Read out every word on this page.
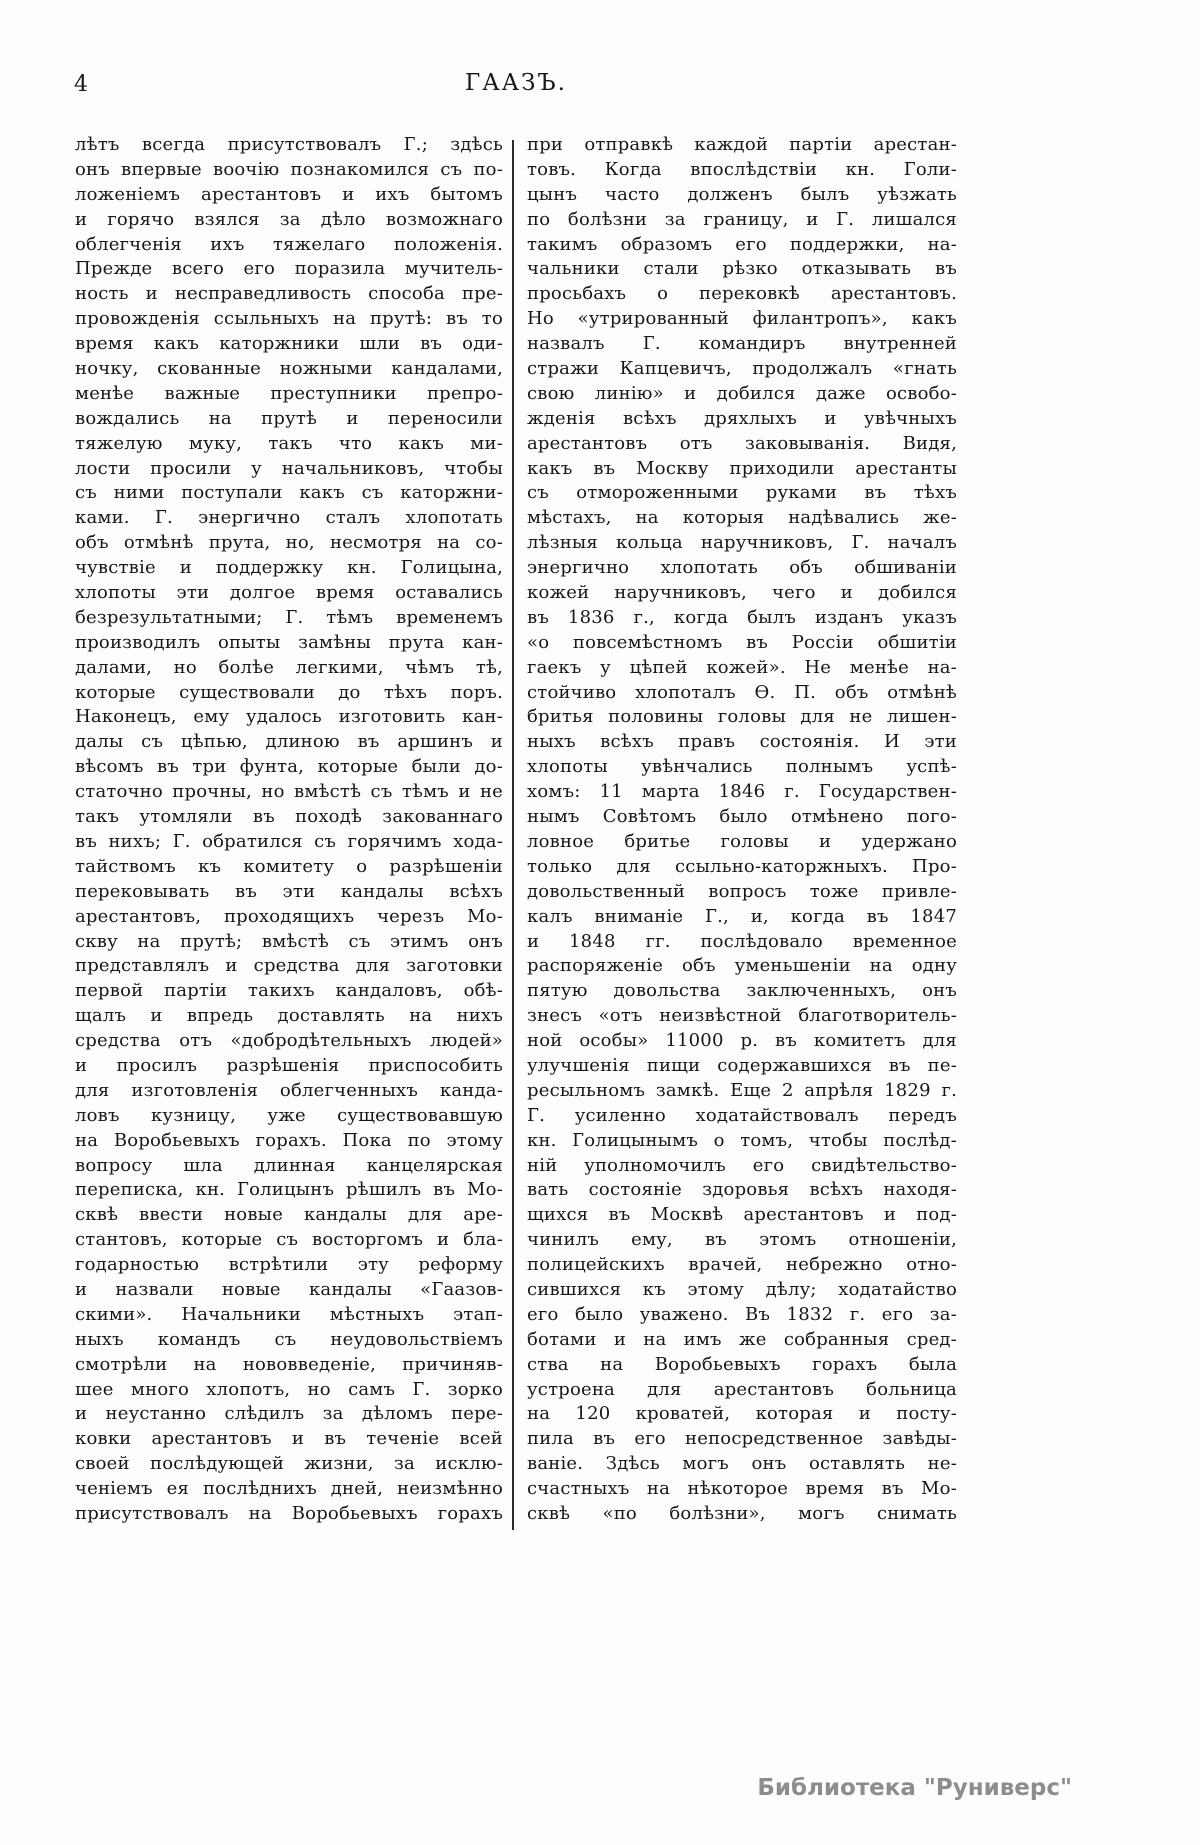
4	ГААЗЪ.
лѣтъ всегда присутствовалъ Г.; здѣсь
онъ впервые воочію познакомился съ по-
ложеніемъ арестантовъ и ихъ бытомъ
и горячо взялся за дѣло возможнаго
облегченія ихъ тяжелаго положенія.
Прежде всего его поразила мучитель-
ность и несправедливость способа пре-
провожденія ссыльныхъ на прутѣ: въ то
время какъ каторжники шли въ оди-
ночку, скованные ножными кандалами,
менѣе важные преступники препро-
вождались на прутѣ и переносили
тяжелую муку, такъ что какъ ми-
лости просили у начальниковъ, чтобы
съ ними поступали какъ съ каторжни-
ками. Г. энергично сталъ хлопотать
объ отмѣнѣ прута, но, несмотря на со-
чувствіе и поддержку кн. Голицына,
хлопоты эти долгое время оставались
безрезультатными; Г. тѣмъ временемъ
производилъ опыты замѣны прута кан-
далами, но болѣе легкими, чѣмъ тѣ,
которые существовали до тѣхъ поръ.
Наконецъ, ему удалось изготовить кан-
далы съ цѣпью, длиною въ аршинъ и
вѣсомъ въ три фунта, которые были до-
статочно прочны, но вмѣстѣ съ тѣмъ и не
такъ утомляли въ походѣ закованнаго
въ нихъ; Г. обратился съ горячимъ хода-
тайствомъ къ комитету о разрѣшеніи
перековывать въ эти кандалы всѣхъ
арестантовъ, проходящихъ черезъ Мо-
скву на прутѣ; вмѣстѣ съ этимъ онъ
представлялъ и средства для заготовки
первой партіи такихъ кандаловъ, обѣ-
щалъ и впредь доставлять на нихъ
средства отъ «добродѣтельныхъ людей»
и просилъ разрѣшенія приспособить
для изготовленія облегченныхъ канда-
ловъ кузницу, уже существовавшую
на Воробьевыхъ горахъ. Пока по этому
вопросу шла длинная канцелярская
переписка, кн. Голицынъ рѣшилъ въ Мо-
сквѣ ввести новые кандалы для аре-
стантовъ, которые съ восторгомъ и бла-
годарностью встрѣтили эту реформу
и назвали новые кандалы «Гаазов-
скими». Начальники мѣстныхъ этап-
ныхъ командъ съ неудовольствіемъ
смотрѣли на нововведеніе, причиняв-
шее много хлопотъ, но самъ Г. зорко
и неустанно слѣдилъ за дѣломъ пере-
ковки арестантовъ и въ теченіе всей
своей послѣдующей жизни, за исклю-
ченіемъ ея послѣднихъ дней, неизмѣнно
присутствовалъ на Воробьевыхъ горахъ
при отправкѣ каждой партіи арестан-
товъ. Когда впослѣдствіи кн. Голи-
цынъ часто долженъ былъ уѣзжать
по болѣзни за границу, и Г. лишался
такимъ образомъ его поддержки, на-
чальники стали рѣзко отказывать въ
просьбахъ о перековкѣ арестантовъ.
Но «утрированный филантропъ», какъ
назвалъ Г. командиръ внутренней
стражи Капцевичъ, продолжалъ «гнать
свою линію» и добился даже освобо-
жденія всѣхъ дряхлыхъ и увѣчныхъ
арестантовъ отъ заковыванія. Видя,
какъ въ Москву приходили арестанты
съ отмороженными руками въ тѣхъ
мѣстахъ, на которыя надѣвались же-
лѣзныя кольца наручниковъ, Г. началъ
энергично хлопотать объ обшиваніи
кожей наручниковъ, чего и добился
въ 1836 г., когда былъ изданъ указъ
«о повсемѣстномъ въ Россіи обшитіи
гаекъ у цѣпей кожей». Не менѣе на-
стойчиво хлопоталъ Ѳ. П. объ отмѣнѣ
бритья половины головы для не лишен-
ныхъ всѣхъ правъ состоянія. И эти
хлопоты увѣнчались полнымъ успѣ-
хомъ: 11 марта 1846 г. Государствен-
нымъ Совѣтомъ было отмѣнено пого-
ловное бритье головы и удержано
только для ссыльно-каторжныхъ. Про-
довольственный вопросъ тоже привле-
калъ вниманіе Г., и, когда въ 1847
и 1848 гг. послѣдовало временное
распоряженіе объ уменьшеніи на одну
пятую довольства заключенныхъ, онъ
знесъ «отъ неизвѣстной благотворитель-
ной особы» 11000 р. въ комитетъ для
улучшенія пищи содержавшихся въ пе-
ресыльномъ замкѣ. Еще 2 апрѣля 1829 г.
Г. усиленно ходатайствовалъ передъ
кн. Голицынымъ о томъ, чтобы послѣд-
ній уполномочилъ его свидѣтельство-
вать состояніе здоровья всѣхъ находя-
щихся въ Москвѣ арестантовъ и под-
чинилъ ему, въ этомъ отношеніи,
полицейскихъ врачей, небрежно отно-
сившихся къ этому дѣлу; ходатайство
его было уважено. Въ 1832 г. его за-
ботами и на имъ же собранныя сред-
ства на Воробьевыхъ горахъ была
устроена для арестантовъ больница
на 120 кроватей, которая и посту-
пила въ его непосредственное завѣды-
ваніе. Здѣсь могъ онъ оставлять не-
счастныхъ на нѣкоторое время въ Мо-
сквѣ «по болѣзни», могъ снимать
Библиотека "Руниверс"
